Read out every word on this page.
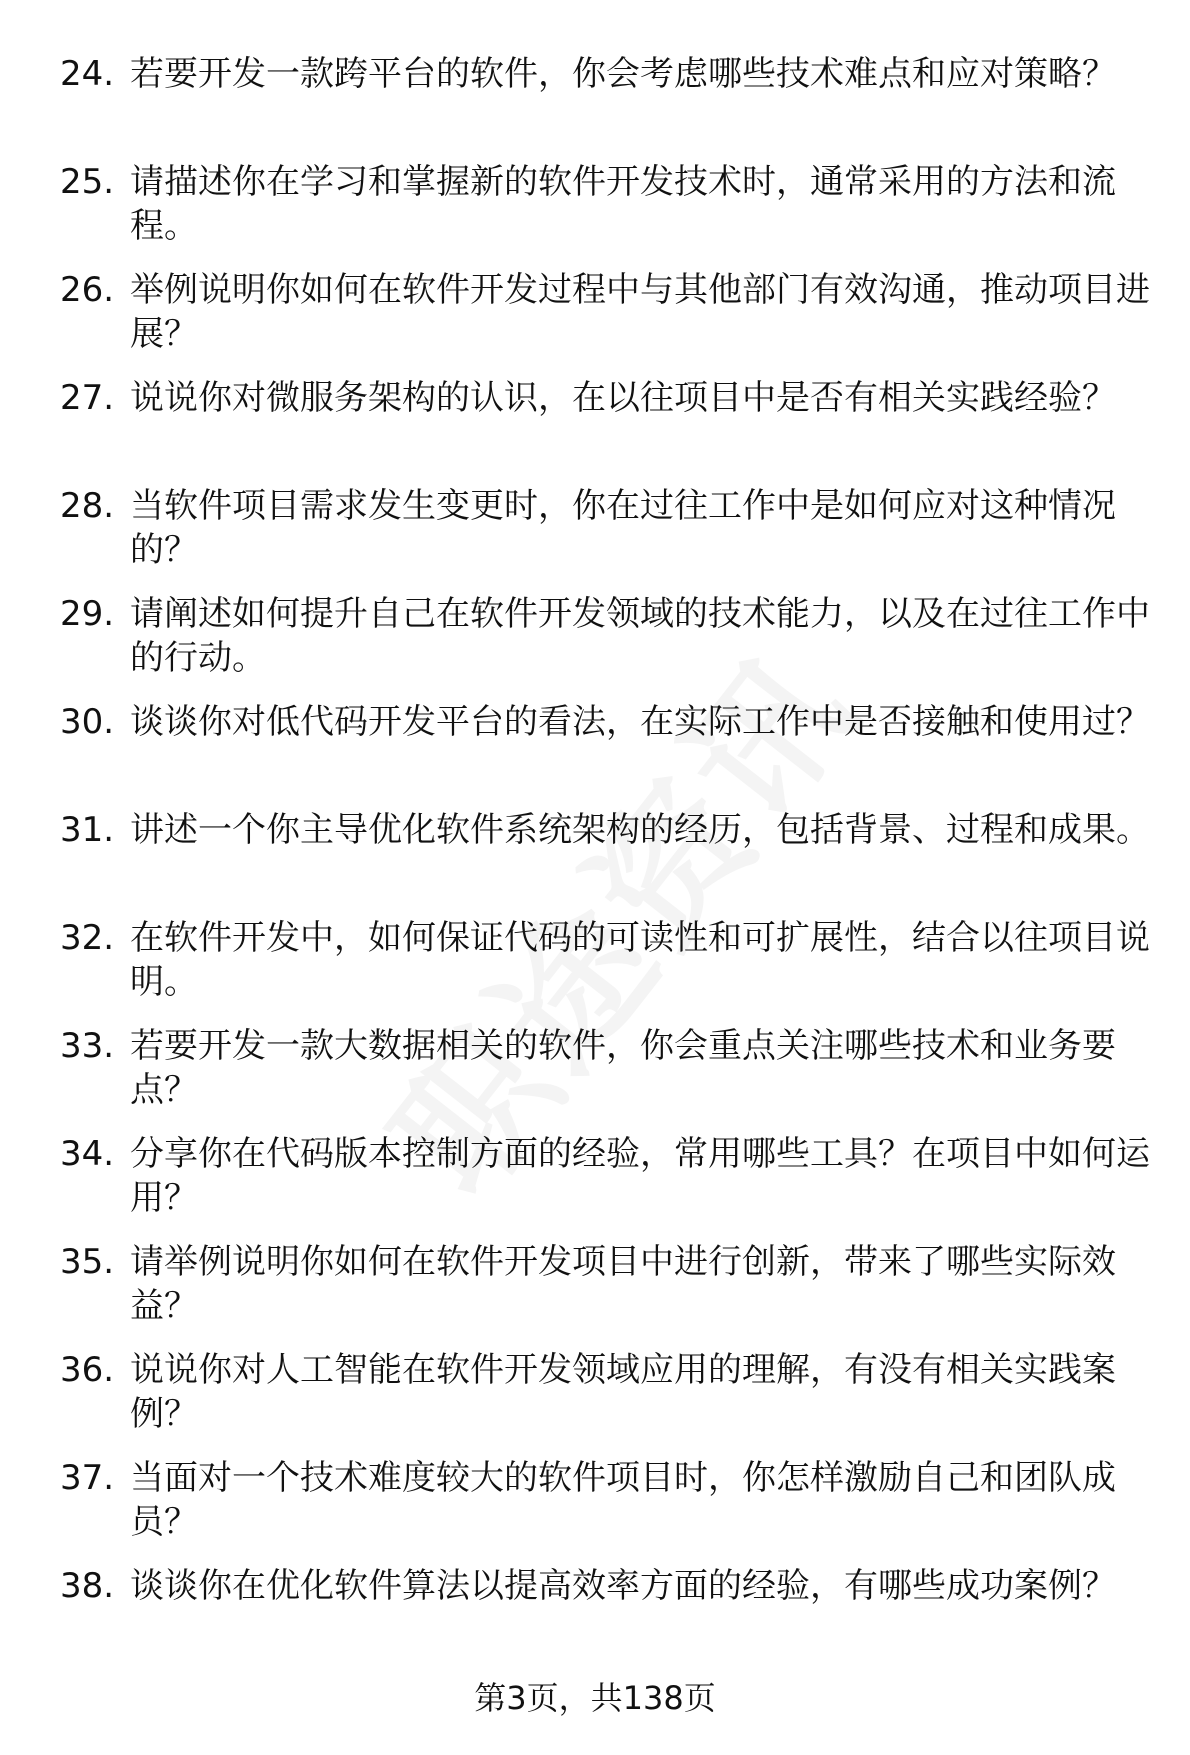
24. 若要开发一款跨平台的软件，你会考虑哪些技术难点和应对策略？
25. 请描述你在学习和掌握新的软件开发技术时，通常采用的方法和流程。
26. 举例说明你如何在软件开发过程中与其他部门有效沟通，推动项目进展？
27. 说说你对微服务架构的认识，在以往项目中是否有相关实践经验？
28. 当软件项目需求发生变更时，你在过往工作中是如何应对这种情况的？
29. 请阐述如何提升自己在软件开发领域的技术能力，以及在过往工作中的行动。
30. 谈谈你对低代码开发平台的看法，在实际工作中是否接触和使用过？
31. 讲述一个你主导优化软件系统架构的经历，包括背景、过程和成果。
32. 在软件开发中，如何保证代码的可读性和可扩展性，结合以往项目说明。
33. 若要开发一款大数据相关的软件，你会重点关注哪些技术和业务要点？
34. 分享你在代码版本控制方面的经验，常用哪些工具？在项目中如何运用？
35. 请举例说明你如何在软件开发项目中进行创新，带来了哪些实际效益？
36. 说说你对人工智能在软件开发领域应用的理解，有没有相关实践案例？
37. 当面对一个技术难度较大的软件项目时，你怎样激励自己和团队成员？
38. 谈谈你在优化软件算法以提高效率方面的经验，有哪些成功案例？
第3页，共138页
